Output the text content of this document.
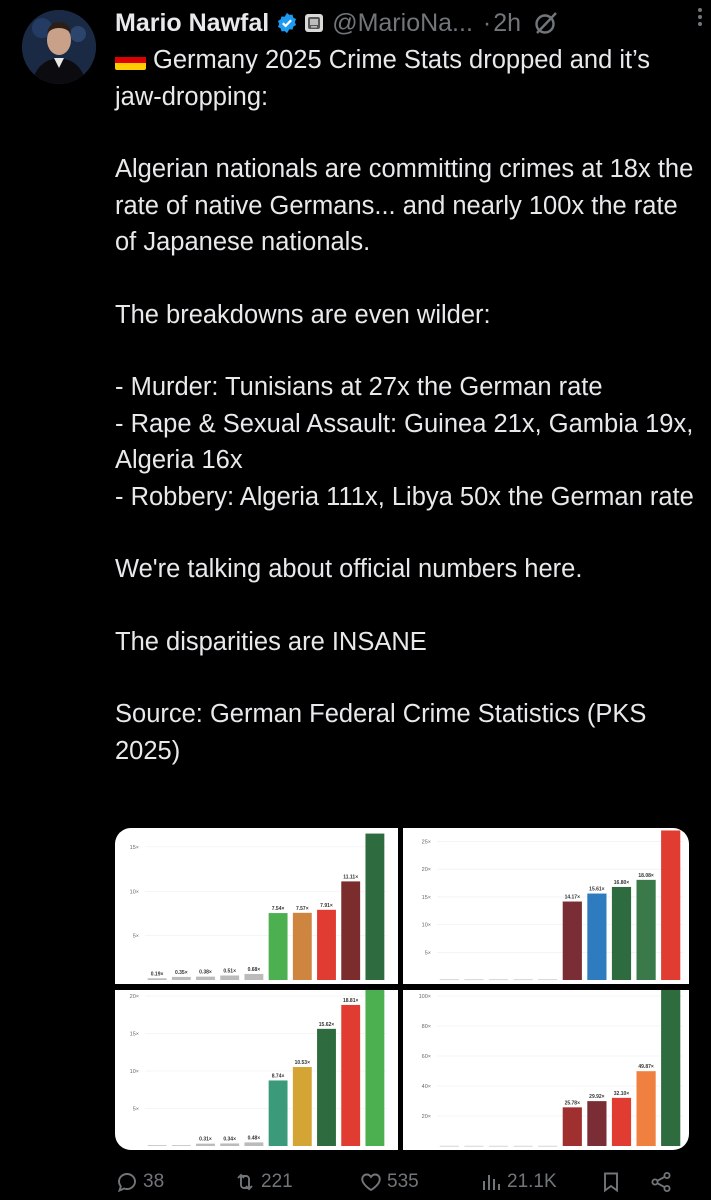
Mario Nawfal	@MarioNa... · 2h

Germany 2025 Crime Stats dropped and it’s jaw-dropping:

Algerian nationals are committing crimes at 18x the rate of native Germans... and nearly 100x the rate of Japanese nationals.

The breakdowns are even wilder:

- Murder: Tunisians at 27x the German rate
- Rape & Sexual Assault: Guinea 21x, Gambia 19x, Algeria 16x
- Robbery: Algeria 111x, Libya 50x the German rate

We're talking about official numbers here.

The disparities are INSANE

Source: German Federal Crime Statistics (PKS 2025)

5×
10×
15×
0.19× 0.35× 0.38× 0.51× 0.68×
7.54× 7.57×
7.91×
11.11×
5×
10×
15×
20×
25×
14.17×
15.61×
16.80×
18.08×
5×
10×
15×
20×
0.31× 0.34× 0.48×
8.74×
10.53×
15.62×
18.81×
20×
40×
60×
80×
100×
25.78×
29.92×
32.10×
49.87×
38	221	535	21.1K
